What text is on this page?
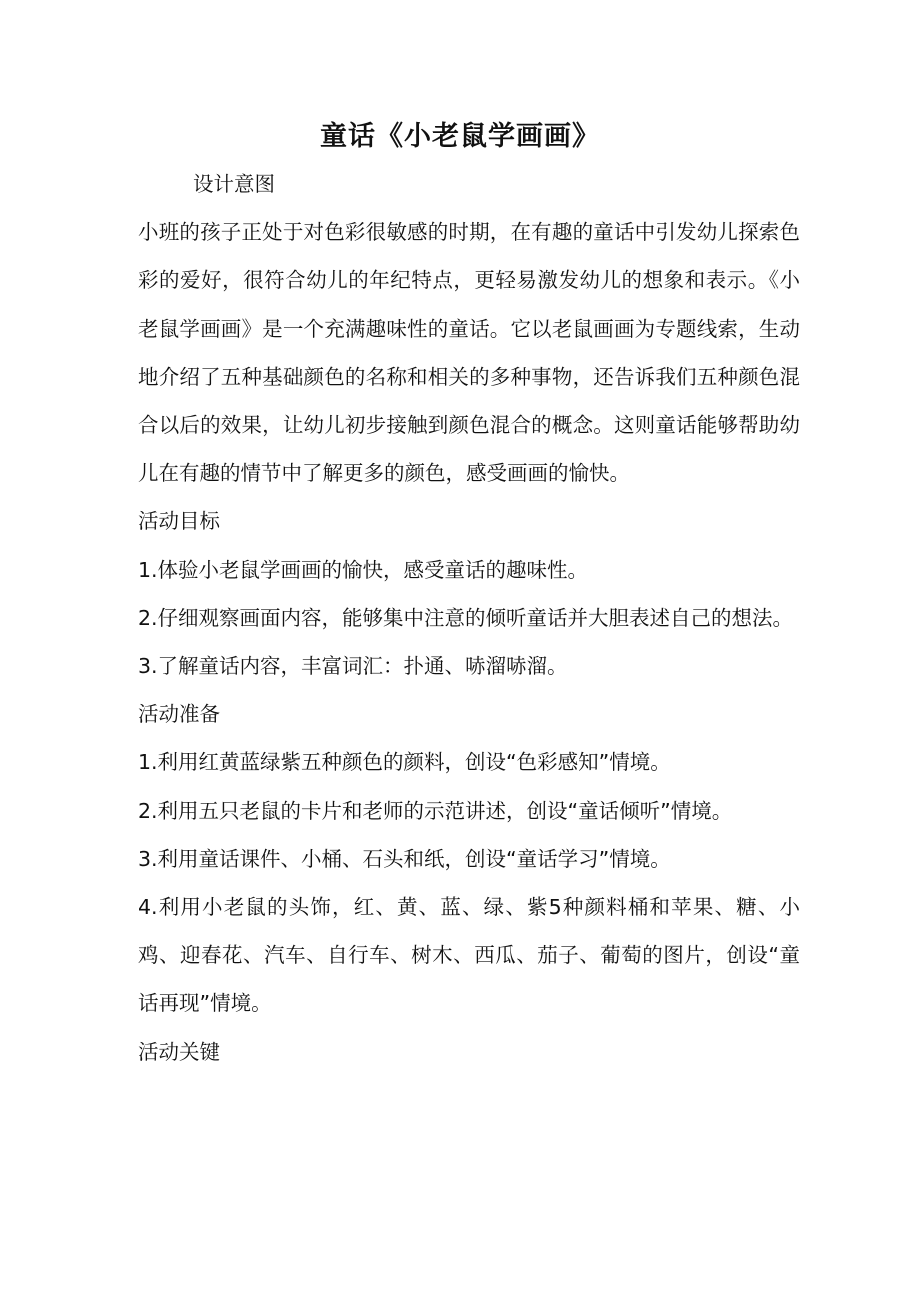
童话《小老鼠学画画》

设计意图

小班的孩子正处于对色彩很敏感的时期，在有趣的童话中引发幼儿探索色彩的爱好，很符合幼儿的年纪特点，更轻易激发幼儿的想象和表示。《小老鼠学画画》是一个充满趣味性的童话。它以老鼠画画为专题线索，生动地介绍了五种基础颜色的名称和相关的多种事物，还告诉我们五种颜色混合以后的效果，让幼儿初步接触到颜色混合的概念。这则童话能够帮助幼儿在有趣的情节中了解更多的颜色，感受画画的愉快。

活动目标

1.体验小老鼠学画画的愉快，感受童话的趣味性。

2.仔细观察画面内容，能够集中注意的倾听童话并大胆表述自己的想法。

3.了解童话内容，丰富词汇：扑通、哧溜哧溜。

活动准备

1.利用红黄蓝绿紫五种颜色的颜料，创设“色彩感知”情境。

2.利用五只老鼠的卡片和老师的示范讲述，创设“童话倾听”情境。

3.利用童话课件、小桶、石头和纸，创设“童话学习”情境。

4.利用小老鼠的头饰，红、黄、蓝、绿、紫5种颜料桶和苹果、糖、小鸡、迎春花、汽车、自行车、树木、西瓜、茄子、葡萄的图片，创设“童话再现”情境。

活动关键
